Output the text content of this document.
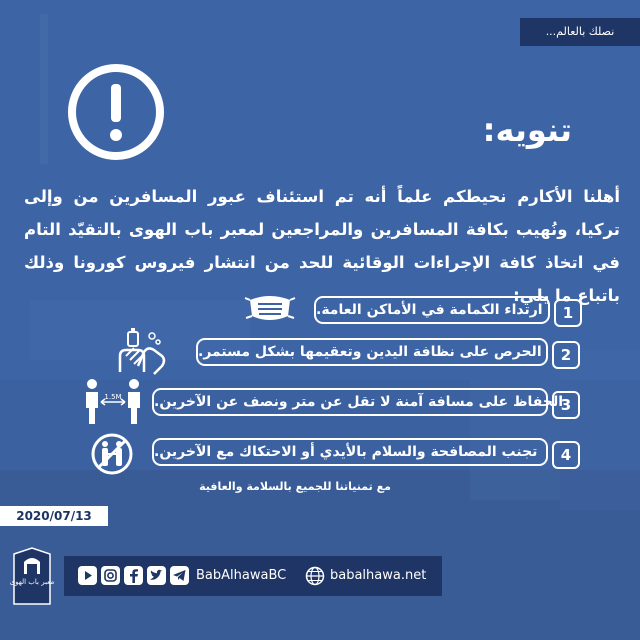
نصلك بالعالم...
تنويه:

أهلنا الأكارم نحيطكم علماً أنه تم استئناف عبور المسافرين من وإلى تركيا، ونُهيب بكافة المسافرين والمراجعين لمعبر باب الهوى بالتقيّد التام في اتخاذ كافة الإجراءات الوقائية للحد من انتشار فيروس كورونا وذلك باتباع ما يلي:

1
ارتداء الكمامة في الأماكن العامة.
2
الحرص على نظافة اليدين وتعقيمها بشكل مستمر.
3
الحفاظ على مسافة آمنة لا تقل عن متر ونصف عن الآخرين.
1.5M
4
تجنب المصافحة والسلام بالأيدي أو الاحتكاك مع الآخرين.

مع تمنياتنا للجميع بالسلامة والعافية

2020/07/13
معبر باب الهوى	BabAlhawaBC	babalhawa.net
